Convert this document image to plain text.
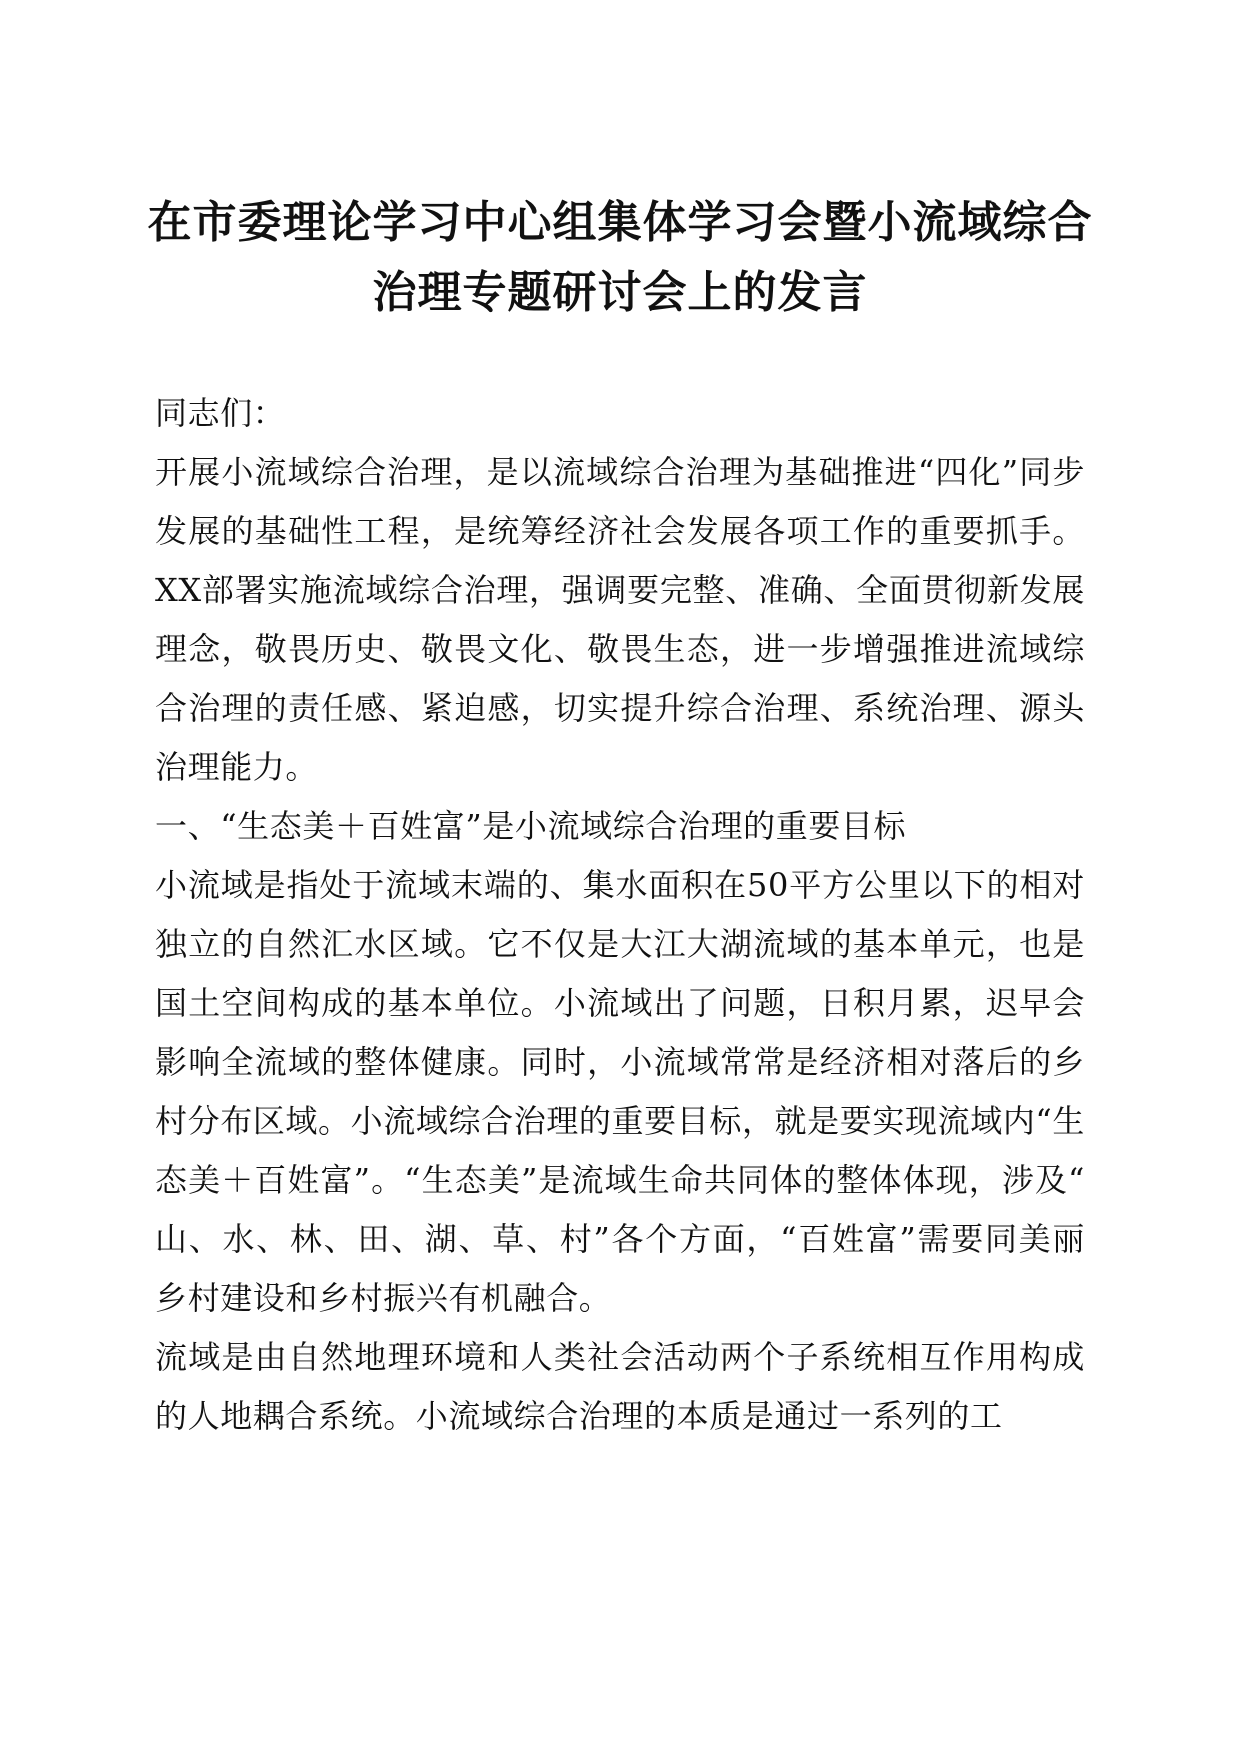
在市委理论学习中心组集体学习会暨小流域综合治理专题研讨会上的发言

同志们：

开展小流域综合治理，是以流域综合治理为基础推进“四化”同步发展的基础性工程，是统筹经济社会发展各项工作的重要抓手。XX部署实施流域综合治理，强调要完整、准确、全面贯彻新发展理念，敬畏历史、敬畏文化、敬畏生态，进一步增强推进流域综合治理的责任感、紧迫感，切实提升综合治理、系统治理、源头治理能力。

一、“生态美＋百姓富”是小流域综合治理的重要目标

小流域是指处于流域末端的、集水面积在50平方公里以下的相对独立的自然汇水区域。它不仅是大江大湖流域的基本单元，也是国土空间构成的基本单位。小流域出了问题，日积月累，迟早会影响全流域的整体健康。同时，小流域常常是经济相对落后的乡村分布区域。小流域综合治理的重要目标，就是要实现流域内“生态美＋百姓富”。“生态美”是流域生命共同体的整体体现，涉及“山、水、林、田、湖、草、村”各个方面，“百姓富”需要同美丽乡村建设和乡村振兴有机融合。

流域是由自然地理环境和人类社会活动两个子系统相互作用构成的人地耦合系统。小流域综合治理的本质是通过一系列的工
